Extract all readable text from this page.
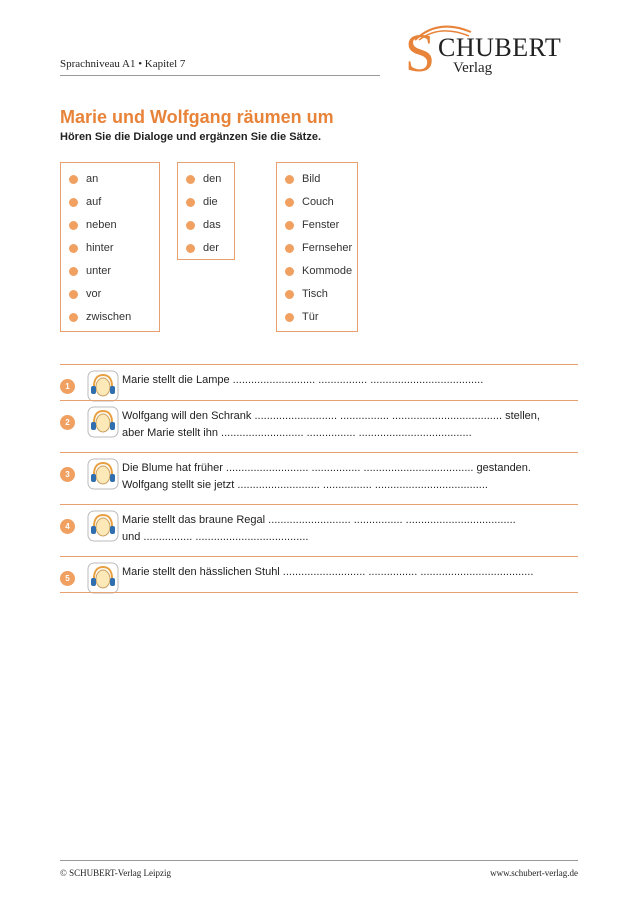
Sprachniveau A1 • Kapitel 7	S CHUBERT
Verlag
Marie und Wolfgang räumen um
Hören Sie die Dialoge und ergänzen Sie die Sätze.
an
auf
neben
hinter
unter
vor
zwischen
den
die
das
der
Bild
Couch
Fenster
Fernseher
Kommode
Tisch
Tür
1
Marie stellt die Lampe ........................... ................ .....................................
2
Wolfgang will den Schrank ........................... ................ .................................... stellen,
aber Marie stellt ihn ........................... ................ .....................................
3
Die Blume hat früher ........................... ................ .................................... gestanden.
Wolfgang stellt sie jetzt ........................... ................ .....................................
4
Marie stellt das braune Regal ........................... ................ ....................................
und ................ .....................................
5
Marie stellt den hässlichen Stuhl ........................... ................ .....................................
© SCHUBERT-Verlag Leipzig	www.schubert-verlag.de
